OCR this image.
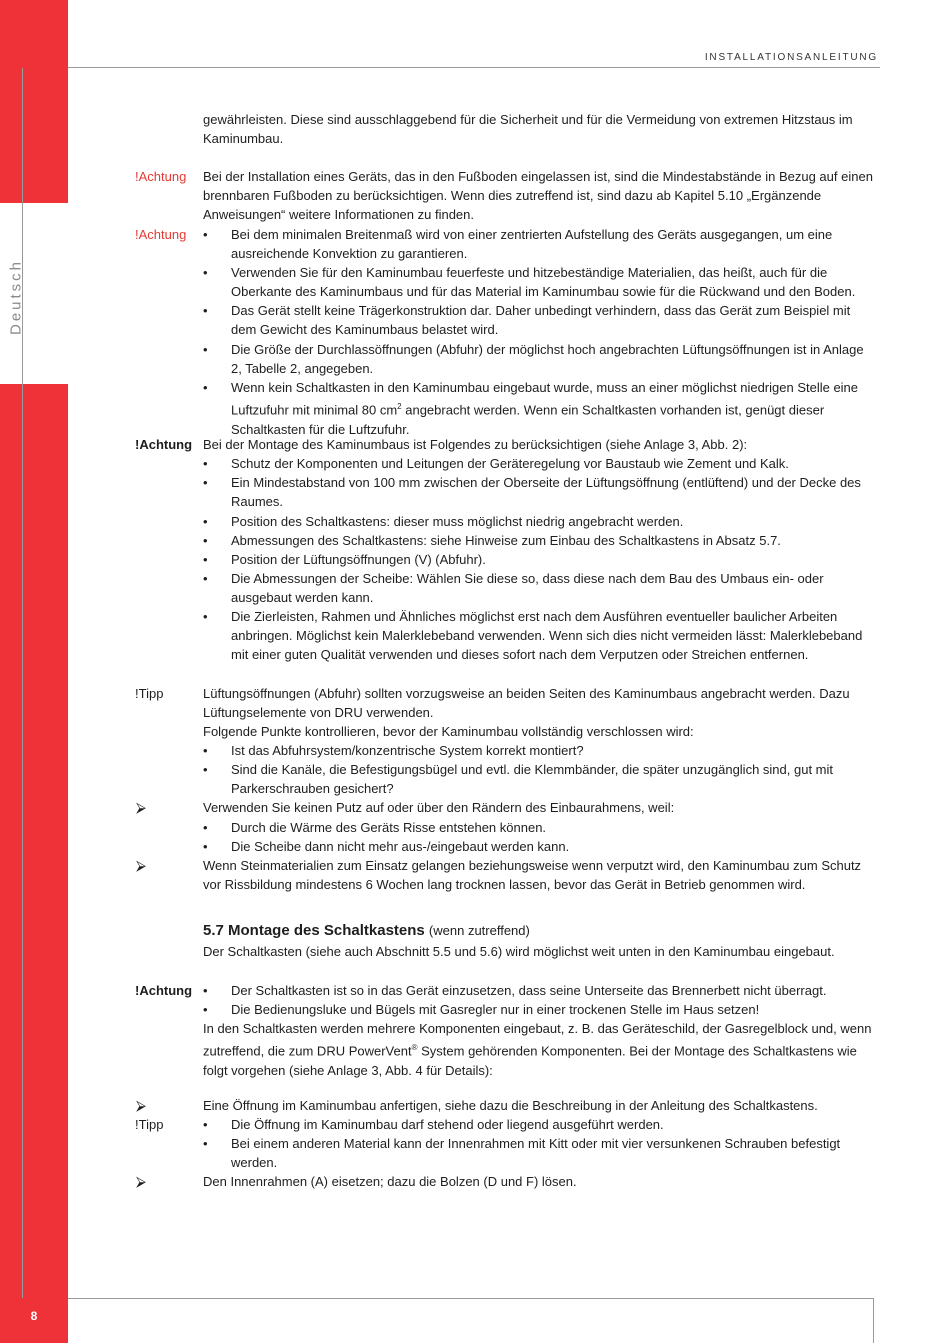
8
Deutsch
INSTALLATIONSANLEITUNG
gewährleisten. Diese sind ausschlaggebend für die Sicherheit und für die Vermeidung von extremen Hitzstaus im Kaminumbau.
!Achtung Bei der Installation eines Geräts, das in den Fußboden eingelassen ist, sind die Mindestabstände in Bezug auf einen brennbaren Fußboden zu berücksichtigen. Wenn dies zutreffend ist, sind dazu ab Kapitel 5.10 „Ergänzende Anweisungen“ weitere Informationen zu finden.
!Achtung • Bei dem minimalen Breitenmaß wird von einer zentrierten Aufstellung des Geräts ausgegangen, um eine ausreichende Konvektion zu garantieren.
• Verwenden Sie für den Kaminumbau feuerfeste und hitzebeständige Materialien, das heißt, auch für die Oberkante des Kaminumbaus und für das Material im Kaminumbau sowie für die Rückwand und den Boden.
• Das Gerät stellt keine Trägerkonstruktion dar. Daher unbedingt verhindern, dass das Gerät zum Beispiel mit dem Gewicht des Kaminumbaus belastet wird.
• Die Größe der Durchlassöffnungen (Abfuhr) der möglichst hoch angebrachten Lüftungsöffnungen ist in Anlage 2, Tabelle 2, angegeben.
• Wenn kein Schaltkasten in den Kaminumbau eingebaut wurde, muss an einer möglichst niedrigen Stelle eine Luftzufuhr mit minimal 80 $cm^2$ angebracht werden. Wenn ein Schaltkasten vorhanden ist, genügt dieser Schaltkasten für die Luftzufuhr.
!Achtung Bei der Montage des Kaminumbaus ist Folgendes zu berücksichtigen (siehe Anlage 3, Abb. 2):
• Schutz der Komponenten und Leitungen der Geräteregelung vor Baustaub wie Zement und Kalk.
• Ein Mindestabstand von 100 mm zwischen der Oberseite der Lüftungsöffnung (entlüftend) und der Decke des Raumes.
• Position des Schaltkastens: dieser muss möglichst niedrig angebracht werden.
• Abmessungen des Schaltkastens: siehe Hinweise zum Einbau des Schaltkastens in Absatz 5.7.
• Position der Lüftungsöffnungen (V) (Abfuhr).
• Die Abmessungen der Scheibe: Wählen Sie diese so, dass diese nach dem Bau des Umbaus ein- oder ausgebaut werden kann.
• Die Zierleisten, Rahmen und Ähnliches möglichst erst nach dem Ausführen eventueller baulicher Arbeiten anbringen. Möglichst kein Malerklebeband verwenden. Wenn sich dies nicht vermeiden lässt: Malerklebeband mit einer guten Qualität verwenden und dieses sofort nach dem Verputzen oder Streichen entfernen.
!Tipp	Lüftungsöffnungen (Abfuhr) sollten vorzugsweise an beiden Seiten des Kaminumbaus angebracht werden. Dazu Lüftungselemente von DRU verwenden.
Folgende Punkte kontrollieren, bevor der Kaminumbau vollständig verschlossen wird:
• Ist das Abfuhrsystem/konzentrische System korrekt montiert?
• Sind die Kanäle, die Befestigungsbügel und evtl. die Klemmbänder, die später unzugänglich sind, gut mit Parkerschrauben gesichert?
⮚	Verwenden Sie keinen Putz auf oder über den Rändern des Einbaurahmens, weil:
• Durch die Wärme des Geräts Risse entstehen können.
• Die Scheibe dann nicht mehr aus-/eingebaut werden kann.
⮚	Wenn Steinmaterialien zum Einsatz gelangen beziehungsweise wenn verputzt wird, den Kaminumbau zum Schutz vor Rissbildung mindestens 6 Wochen lang trocknen lassen, bevor das Gerät in Betrieb genommen wird.
5.7 Montage des Schaltkastens (wenn zutreffend)
Der Schaltkasten (siehe auch Abschnitt 5.5 und 5.6) wird möglichst weit unten in den Kaminumbau eingebaut.
!Achtung • Der Schaltkasten ist so in das Gerät einzusetzen, dass seine Unterseite das Brennerbett nicht überragt.
• Die Bedienungsluke und Bügels mit Gasregler nur in einer trockenen Stelle im Haus setzen!
In den Schaltkasten werden mehrere Komponenten eingebaut, z. B. das Geräteschild, der Gasregelblock und, wenn zutreffend, die zum DRU PowerVent® System gehörenden Komponenten. Bei der Montage des Schaltkastens wie folgt vorgehen (siehe Anlage 3, Abb. 4 für Details):
⮚	Eine Öffnung im Kaminumbau anfertigen, siehe dazu die Beschreibung in der Anleitung des Schaltkastens.
!Tipp	• Die Öffnung im Kaminumbau darf stehend oder liegend ausgeführt werden.
• Bei einem anderen Material kann der Innenrahmen mit Kitt oder mit vier versunkenen Schrauben befestigt werden.
⮚	Den Innenrahmen (A) eisetzen; dazu die Bolzen (D und F) lösen.
